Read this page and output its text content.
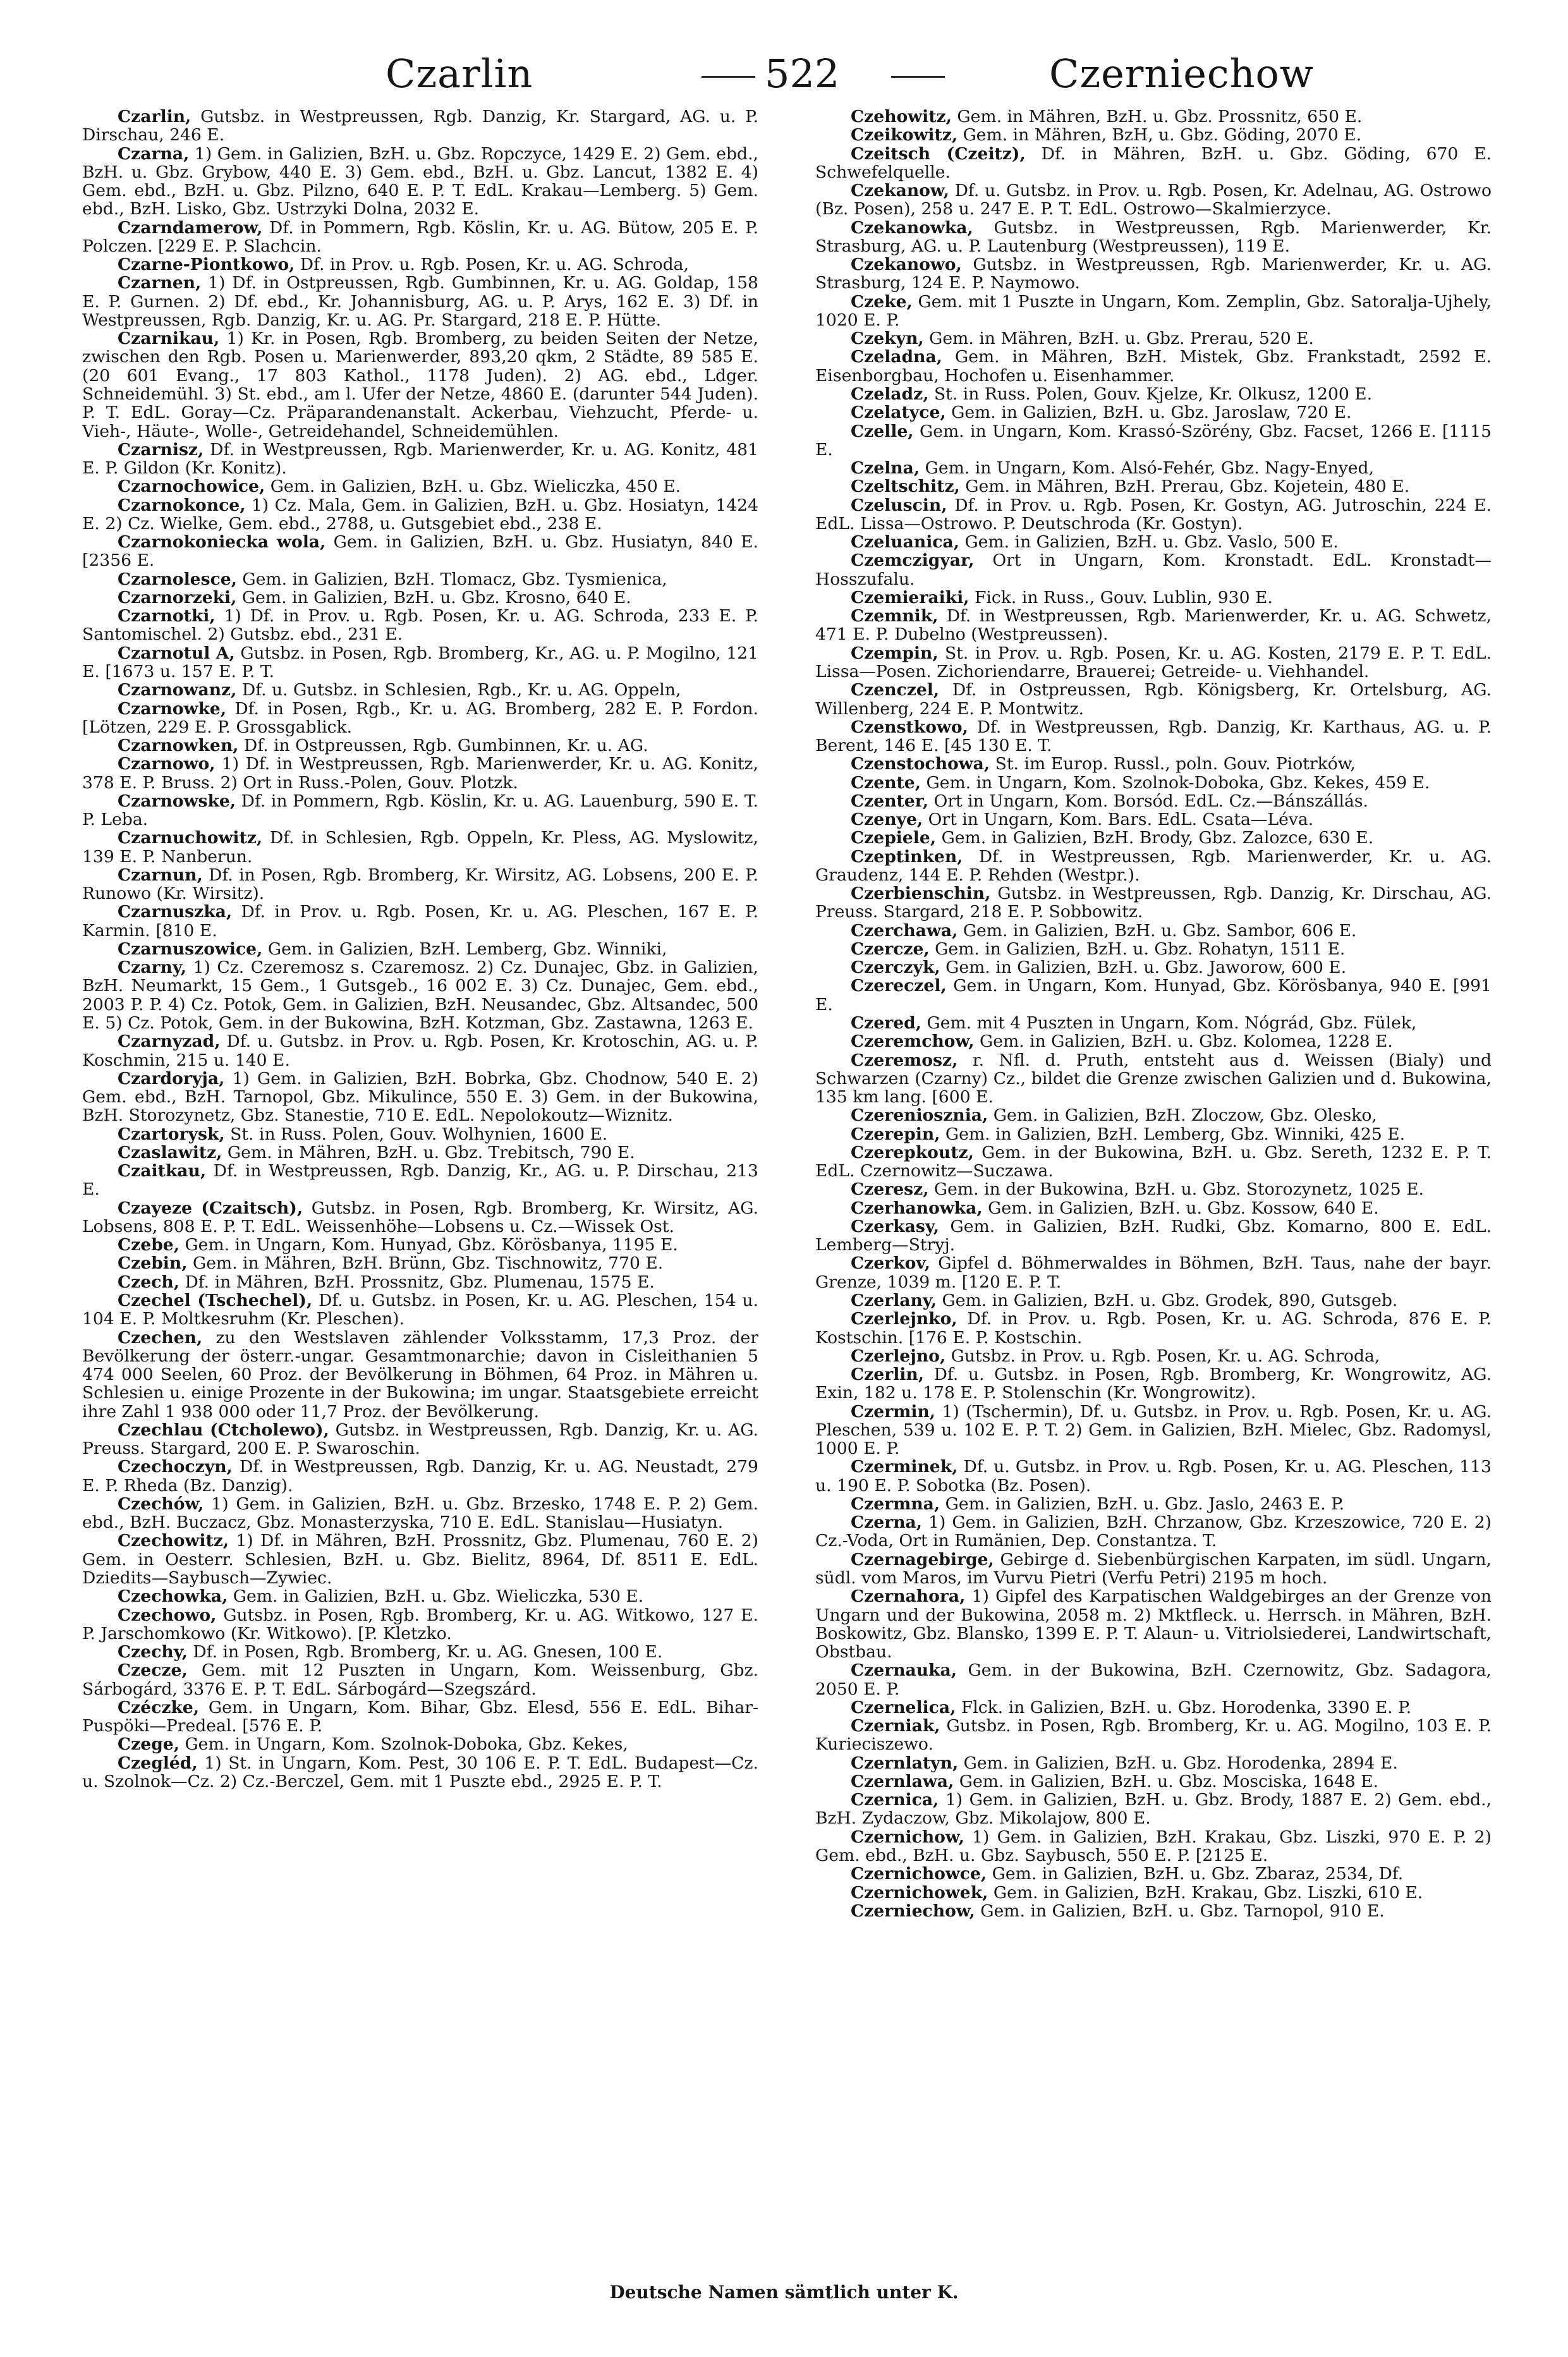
Czarlin	522	Czerniechow

Czarlin, Gutsbz. in Westpreussen, Rgb. Danzig, Kr. Stargard, AG. u. P. Dirschau, 246 E.

Czarna, 1) Gem. in Galizien, BzH. u. Gbz. Ropczyce, 1429 E. 2) Gem. ebd., BzH. u. Gbz. Grybow, 440 E. 3) Gem. ebd., BzH. u. Gbz. Lancut, 1382 E. 4) Gem. ebd., BzH. u. Gbz. Pilzno, 640 E. P. T. EdL. Krakau—Lemberg. 5) Gem. ebd., BzH. Lisko, Gbz. Ustrzyki Dolna, 2032 E.

Czarndamerow, Df. in Pommern, Rgb. Köslin, Kr. u. AG. Bütow, 205 E. P. Polczen. [229 E. P. Slachcin.

Czarne-Piontkowo, Df. in Prov. u. Rgb. Posen, Kr. u. AG. Schroda,

Czarnen, 1) Df. in Ostpreussen, Rgb. Gumbinnen, Kr. u. AG. Goldap, 158 E. P. Gurnen. 2) Df. ebd., Kr. Johannisburg, AG. u. P. Arys, 162 E. 3) Df. in Westpreussen, Rgb. Danzig, Kr. u. AG. Pr. Stargard, 218 E. P. Hütte.

Czarnikau, 1) Kr. in Posen, Rgb. Bromberg, zu beiden Seiten der Netze, zwischen den Rgb. Posen u. Marienwerder, 893,20 qkm, 2 Städte, 89 585 E. (20 601 Evang., 17 803 Kathol., 1178 Juden). 2) AG. ebd., Ldger. Schneidemühl. 3) St. ebd., am l. Ufer der Netze, 4860 E. (darunter 544 Juden). P. T. EdL. Goray—Cz. Präparandenanstalt. Ackerbau, Viehzucht, Pferde- u. Vieh-, Häute-, Wolle-, Getreidehandel, Schneidemühlen.

Czarnisz, Df. in Westpreussen, Rgb. Marienwerder, Kr. u. AG. Konitz, 481 E. P. Gildon (Kr. Konitz).

Czarnochowice, Gem. in Galizien, BzH. u. Gbz. Wieliczka, 450 E.

Czarnokonce, 1) Cz. Mala, Gem. in Galizien, BzH. u. Gbz. Hosiatyn, 1424 E. 2) Cz. Wielke, Gem. ebd., 2788, u. Gutsgebiet ebd., 238 E.

Czarnokoniecka wola, Gem. in Galizien, BzH. u. Gbz. Husiatyn, 840 E. [2356 E.

Czarnolesce, Gem. in Galizien, BzH. Tlomacz, Gbz. Tysmienica,

Czarnorzeki, Gem. in Galizien, BzH. u. Gbz. Krosno, 640 E.

Czarnotki, 1) Df. in Prov. u. Rgb. Posen, Kr. u. AG. Schroda, 233 E. P. Santomischel. 2) Gutsbz. ebd., 231 E.

Czarnotul A, Gutsbz. in Posen, Rgb. Bromberg, Kr., AG. u. P. Mogilno, 121 E. [1673 u. 157 E. P. T.

Czarnowanz, Df. u. Gutsbz. in Schlesien, Rgb., Kr. u. AG. Oppeln,

Czarnowke, Df. in Posen, Rgb., Kr. u. AG. Bromberg, 282 E. P. Fordon. [Lötzen, 229 E. P. Grossgablick.

Czarnowken, Df. in Ostpreussen, Rgb. Gumbinnen, Kr. u. AG.

Czarnowo, 1) Df. in Westpreussen, Rgb. Marienwerder, Kr. u. AG. Konitz, 378 E. P. Bruss. 2) Ort in Russ.-Polen, Gouv. Plotzk.

Czarnowske, Df. in Pommern, Rgb. Köslin, Kr. u. AG. Lauenburg, 590 E. T. P. Leba.

Czarnuchowitz, Df. in Schlesien, Rgb. Oppeln, Kr. Pless, AG. Myslowitz, 139 E. P. Nanberun.

Czarnun, Df. in Posen, Rgb. Bromberg, Kr. Wirsitz, AG. Lobsens, 200 E. P. Runowo (Kr. Wirsitz).

Czarnuszka, Df. in Prov. u. Rgb. Posen, Kr. u. AG. Pleschen, 167 E. P. Karmin. [810 E.

Czarnuszowice, Gem. in Galizien, BzH. Lemberg, Gbz. Winniki,

Czarny, 1) Cz. Czeremosz s. Czaremosz. 2) Cz. Dunajec, Gbz. in Galizien, BzH. Neumarkt, 15 Gem., 1 Gutsgeb., 16 002 E. 3) Cz. Dunajec, Gem. ebd., 2003 P. P. 4) Cz. Potok, Gem. in Galizien, BzH. Neusandec, Gbz. Altsandec, 500 E. 5) Cz. Potok, Gem. in der Bukowina, BzH. Kotzman, Gbz. Zastawna, 1263 E.

Czarnyzad, Df. u. Gutsbz. in Prov. u. Rgb. Posen, Kr. Krotoschin, AG. u. P. Koschmin, 215 u. 140 E.

Czardoryja, 1) Gem. in Galizien, BzH. Bobrka, Gbz. Chodnow, 540 E. 2) Gem. ebd., BzH. Tarnopol, Gbz. Mikulince, 550 E. 3) Gem. in der Bukowina, BzH. Storozynetz, Gbz. Stanestie, 710 E. EdL. Nepolokoutz—Wiznitz.

Czartorysk, St. in Russ. Polen, Gouv. Wolhynien, 1600 E.

Czaslawitz, Gem. in Mähren, BzH. u. Gbz. Trebitsch, 790 E.

Czaitkau, Df. in Westpreussen, Rgb. Danzig, Kr., AG. u. P. Dirschau, 213 E.

Czayeze (Czaitsch), Gutsbz. in Posen, Rgb. Bromberg, Kr. Wirsitz, AG. Lobsens, 808 E. P. T. EdL. Weissenhöhe—Lobsens u. Cz.—Wissek Ost.

Czebe, Gem. in Ungarn, Kom. Hunyad, Gbz. Körösbanya, 1195 E.

Czebin, Gem. in Mähren, BzH. Brünn, Gbz. Tischnowitz, 770 E.

Czech, Df. in Mähren, BzH. Prossnitz, Gbz. Plumenau, 1575 E.

Czechel (Tschechel), Df. u. Gutsbz. in Posen, Kr. u. AG. Pleschen, 154 u. 104 E. P. Moltkesruhm (Kr. Pleschen).

Czechen, zu den Westslaven zählender Volksstamm, 17,3 Proz. der Bevölkerung der österr.-ungar. Gesamtmonarchie; davon in Cisleithanien 5 474 000 Seelen, 60 Proz. der Bevölkerung in Böhmen, 64 Proz. in Mähren u. Schlesien u. einige Prozente in der Bukowina; im ungar. Staatsgebiete erreicht ihre Zahl 1 938 000 oder 11,7 Proz. der Bevölkerung.

Czechlau (Ctcholewo), Gutsbz. in Westpreussen, Rgb. Danzig, Kr. u. AG. Preuss. Stargard, 200 E. P. Swaroschin.

Czechoczyn, Df. in Westpreussen, Rgb. Danzig, Kr. u. AG. Neustadt, 279 E. P. Rheda (Bz. Danzig).

Czechów, 1) Gem. in Galizien, BzH. u. Gbz. Brzesko, 1748 E. P. 2) Gem. ebd., BzH. Buczacz, Gbz. Monasterzyska, 710 E. EdL. Stanislau—Husiatyn.

Czechowitz, 1) Df. in Mähren, BzH. Prossnitz, Gbz. Plumenau, 760 E. 2) Gem. in Oesterr. Schlesien, BzH. u. Gbz. Bielitz, 8964, Df. 8511 E. EdL. Dziedits—Saybusch—Zywiec.

Czechowka, Gem. in Galizien, BzH. u. Gbz. Wieliczka, 530 E.

Czechowo, Gutsbz. in Posen, Rgb. Bromberg, Kr. u. AG. Witkowo, 127 E. P. Jarschomkowo (Kr. Witkowo). [P. Kletzko.

Czechy, Df. in Posen, Rgb. Bromberg, Kr. u. AG. Gnesen, 100 E.

Czecze, Gem. mit 12 Puszten in Ungarn, Kom. Weissenburg, Gbz. Sárbogárd, 3376 E. P. T. EdL. Sárbogárd—Szegszárd.

Czéczke, Gem. in Ungarn, Kom. Bihar, Gbz. Elesd, 556 E. EdL. Bihar-Puspöki—Predeal. [576 E. P.

Czege, Gem. in Ungarn, Kom. Szolnok-Doboka, Gbz. Kekes,

Czegléd, 1) St. in Ungarn, Kom. Pest, 30 106 E. P. T. EdL. Budapest—Cz. u. Szolnok—Cz. 2) Cz.-Berczel, Gem. mit 1 Puszte ebd., 2925 E. P. T.

Czehowitz, Gem. in Mähren, BzH. u. Gbz. Prossnitz, 650 E.

Czeikowitz, Gem. in Mähren, BzH, u. Gbz. Göding, 2070 E.

Czeitsch (Czeitz), Df. in Mähren, BzH. u. Gbz. Göding, 670 E. Schwefelquelle.

Czekanow, Df. u. Gutsbz. in Prov. u. Rgb. Posen, Kr. Adelnau, AG. Ostrowo (Bz. Posen), 258 u. 247 E. P. T. EdL. Ostrowo—Skalmierzyce.

Czekanowka, Gutsbz. in Westpreussen, Rgb. Marienwerder, Kr. Strasburg, AG. u. P. Lautenburg (Westpreussen), 119 E.

Czekanowo, Gutsbz. in Westpreussen, Rgb. Marienwerder, Kr. u. AG. Strasburg, 124 E. P. Naymowo.

Czeke, Gem. mit 1 Puszte in Ungarn, Kom. Zemplin, Gbz. Satoralja-Ujhely, 1020 E. P.

Czekyn, Gem. in Mähren, BzH. u. Gbz. Prerau, 520 E.

Czeladna, Gem. in Mähren, BzH. Mistek, Gbz. Frankstadt, 2592 E. Eisenborgbau, Hochofen u. Eisenhammer.

Czeladz, St. in Russ. Polen, Gouv. Kjelze, Kr. Olkusz, 1200 E.

Czelatyce, Gem. in Galizien, BzH. u. Gbz. Jaroslaw, 720 E.

Czelle, Gem. in Ungarn, Kom. Krassó-Szörény, Gbz. Facset, 1266 E. [1115 E.

Czelna, Gem. in Ungarn, Kom. Alsó-Fehér, Gbz. Nagy-Enyed,

Czeltschitz, Gem. in Mähren, BzH. Prerau, Gbz. Kojetein, 480 E.

Czeluscin, Df. in Prov. u. Rgb. Posen, Kr. Gostyn, AG. Jutroschin, 224 E. EdL. Lissa—Ostrowo. P. Deutschroda (Kr. Gostyn).

Czeluanica, Gem. in Galizien, BzH. u. Gbz. Vaslo, 500 E.

Czemczigyar, Ort in Ungarn, Kom. Kronstadt. EdL. Kronstadt—Hosszufalu.

Czemieraiki, Fick. in Russ., Gouv. Lublin, 930 E.

Czemnik, Df. in Westpreussen, Rgb. Marienwerder, Kr. u. AG. Schwetz, 471 E. P. Dubelno (Westpreussen).

Czempin, St. in Prov. u. Rgb. Posen, Kr. u. AG. Kosten, 2179 E. P. T. EdL. Lissa—Posen. Zichoriendarre, Brauerei; Getreide- u. Viehhandel.

Czenczel, Df. in Ostpreussen, Rgb. Königsberg, Kr. Ortelsburg, AG. Willenberg, 224 E. P. Montwitz.

Czenstkowo, Df. in Westpreussen, Rgb. Danzig, Kr. Karthaus, AG. u. P. Berent, 146 E. [45 130 E. T.

Czenstochowa, St. im Europ. Russl., poln. Gouv. Piotrków,

Czente, Gem. in Ungarn, Kom. Szolnok-Doboka, Gbz. Kekes, 459 E.

Czenter, Ort in Ungarn, Kom. Borsód. EdL. Cz.—Bánszállás.

Czenye, Ort in Ungarn, Kom. Bars. EdL. Csata—Léva.

Czepiele, Gem. in Galizien, BzH. Brody, Gbz. Zalozce, 630 E.

Czeptinken, Df. in Westpreussen, Rgb. Marienwerder, Kr. u. AG. Graudenz, 144 E. P. Rehden (Westpr.).

Czerbienschin, Gutsbz. in Westpreussen, Rgb. Danzig, Kr. Dirschau, AG. Preuss. Stargard, 218 E. P. Sobbowitz.

Czerchawa, Gem. in Galizien, BzH. u. Gbz. Sambor, 606 E.

Czercze, Gem. in Galizien, BzH. u. Gbz. Rohatyn, 1511 E.

Czerczyk, Gem. in Galizien, BzH. u. Gbz. Jaworow, 600 E.

Czereczel, Gem. in Ungarn, Kom. Hunyad, Gbz. Körösbanya, 940 E. [991 E.

Czered, Gem. mit 4 Puszten in Ungarn, Kom. Nógrád, Gbz. Fülek,

Czeremchow, Gem. in Galizien, BzH. u. Gbz. Kolomea, 1228 E.

Czeremosz, r. Nfl. d. Pruth, entsteht aus d. Weissen (Bialy) und Schwarzen (Czarny) Cz., bildet die Grenze zwischen Galizien und d. Bukowina, 135 km lang. [600 E.

Czereniosznia, Gem. in Galizien, BzH. Zloczow, Gbz. Olesko,

Czerepin, Gem. in Galizien, BzH. Lemberg, Gbz. Winniki, 425 E.

Czerepkoutz, Gem. in der Bukowina, BzH. u. Gbz. Sereth, 1232 E. P. T. EdL. Czernowitz—Suczawa.

Czeresz, Gem. in der Bukowina, BzH. u. Gbz. Storozynetz, 1025 E.

Czerhanowka, Gem. in Galizien, BzH. u. Gbz. Kossow, 640 E.

Czerkasy, Gem. in Galizien, BzH. Rudki, Gbz. Komarno, 800 E. EdL. Lemberg—Stryj.

Czerkov, Gipfel d. Böhmerwaldes in Böhmen, BzH. Taus, nahe der bayr. Grenze, 1039 m. [120 E. P. T.

Czerlany, Gem. in Galizien, BzH. u. Gbz. Grodek, 890, Gutsgeb.

Czerlejnko, Df. in Prov. u. Rgb. Posen, Kr. u. AG. Schroda, 876 E. P. Kostschin. [176 E. P. Kostschin.

Czerlejno, Gutsbz. in Prov. u. Rgb. Posen, Kr. u. AG. Schroda,

Czerlin, Df. u. Gutsbz. in Posen, Rgb. Bromberg, Kr. Wongrowitz, AG. Exin, 182 u. 178 E. P. Stolenschin (Kr. Wongrowitz).

Czermin, 1) (Tschermin), Df. u. Gutsbz. in Prov. u. Rgb. Posen, Kr. u. AG. Pleschen, 539 u. 102 E. P. T. 2) Gem. in Galizien, BzH. Mielec, Gbz. Radomysl, 1000 E. P.

Czerminek, Df. u. Gutsbz. in Prov. u. Rgb. Posen, Kr. u. AG. Pleschen, 113 u. 190 E. P. Sobotka (Bz. Posen).

Czermna, Gem. in Galizien, BzH. u. Gbz. Jaslo, 2463 E. P.

Czerna, 1) Gem. in Galizien, BzH. Chrzanow, Gbz. Krzeszowice, 720 E. 2) Cz.-Voda, Ort in Rumänien, Dep. Constantza. T.

Czernagebirge, Gebirge d. Siebenbürgischen Karpaten, im südl. Ungarn, südl. vom Maros, im Vurvu Pietri (Verfu Petri) 2195 m hoch.

Czernahora, 1) Gipfel des Karpatischen Waldgebirges an der Grenze von Ungarn und der Bukowina, 2058 m. 2) Mktfleck. u. Herrsch. in Mähren, BzH. Boskowitz, Gbz. Blansko, 1399 E. P. T. Alaun- u. Vitriolsiederei, Landwirtschaft, Obstbau.

Czernauka, Gem. in der Bukowina, BzH. Czernowitz, Gbz. Sadagora, 2050 E. P.

Czernelica, Flck. in Galizien, BzH. u. Gbz. Horodenka, 3390 E. P.

Czerniak, Gutsbz. in Posen, Rgb. Bromberg, Kr. u. AG. Mogilno, 103 E. P. Kurieciszewo.

Czernlatyn, Gem. in Galizien, BzH. u. Gbz. Horodenka, 2894 E.

Czernlawa, Gem. in Galizien, BzH. u. Gbz. Mosciska, 1648 E.

Czernica, 1) Gem. in Galizien, BzH. u. Gbz. Brody, 1887 E. 2) Gem. ebd., BzH. Zydaczow, Gbz. Mikolajow, 800 E.

Czernichow, 1) Gem. in Galizien, BzH. Krakau, Gbz. Liszki, 970 E. P. 2) Gem. ebd., BzH. u. Gbz. Saybusch, 550 E. P. [2125 E.

Czernichowce, Gem. in Galizien, BzH. u. Gbz. Zbaraz, 2534, Df.

Czernichowek, Gem. in Galizien, BzH. Krakau, Gbz. Liszki, 610 E.

Czerniechow, Gem. in Galizien, BzH. u. Gbz. Tarnopol, 910 E.

Deutsche Namen sämtlich unter K.
